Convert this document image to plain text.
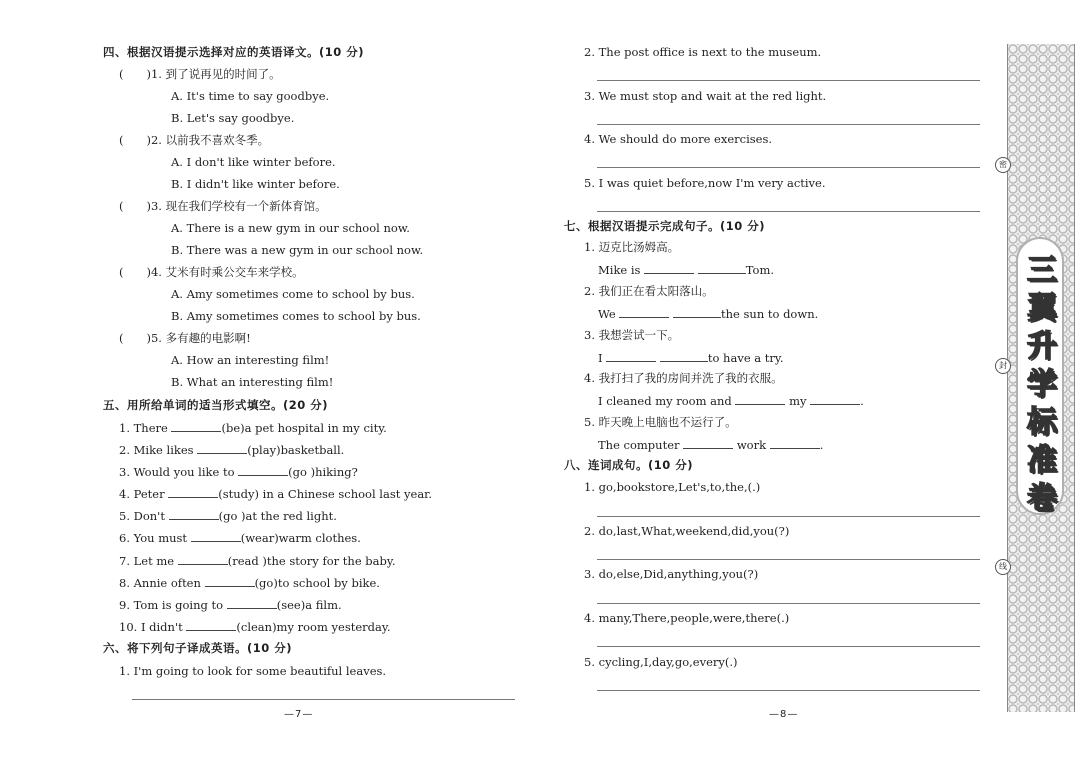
四、根据汉语提示选择对应的英语译文。(10 分)
(　　)1. 到了说再见的时间了。
A. It's time to say goodbye.
B. Let's say goodbye.
(　　)2. 以前我不喜欢冬季。
A. I don't like winter before.
B. I didn't like winter before.
(　　)3. 现在我们学校有一个新体育馆。
A. There is a new gym in our school now.
B. There was a new gym in our school now.
(　　)4. 艾米有时乘公交车来学校。
A. Amy sometimes come to school by bus.
B. Amy sometimes comes to school by bus.
(　　)5. 多有趣的电影啊!
A. How an interesting film!
B. What an interesting film!
五、用所给单词的适当形式填空。(20 分)
1. There	(be)a pet hospital in my city.
2. Mike likes	(play)basketball.
3. Would you like to	(go )hiking?
4. Peter	(study) in a Chinese school last year.
5. Don't	(go )at the red light.
6. You must	(wear)warm clothes.
7. Let me	(read )the story for the baby.
8. Annie often	(go)to school by bike.
9. Tom is going to	(see)a film.
10. I didn't	(clean)my room yesterday.
六、将下列句子译成英语。(10 分)
1. I'm going to look for some beautiful leaves.
—7—
2. The post office is next to the museum.
3. We must stop and wait at the red light.
4. We should do more exercises.
5. I was quiet before,now I'm very active.
七、根据汉语提示完成句子。(10 分)
1. 迈克比汤姆高。
Mike is	Tom.
2. 我们正在看太阳落山。
We	the sun to down.
3. 我想尝试一下。
I	to have a try.
4. 我打扫了我的房间并洗了我的衣服。
I cleaned my room and	my	.
5. 昨天晚上电脑也不运行了。
The computer	work	.
八、连词成句。(10 分)
1. go,bookstore,Let's,to,the,(.)
2. do,last,What,weekend,did,you(?)
3. do,else,Did,anything,you(?)
4. many,There,people,were,there(.)
5. cycling,I,day,go,every(.)
—8—
密
封
线
三
翼
升
学
标
准
卷
